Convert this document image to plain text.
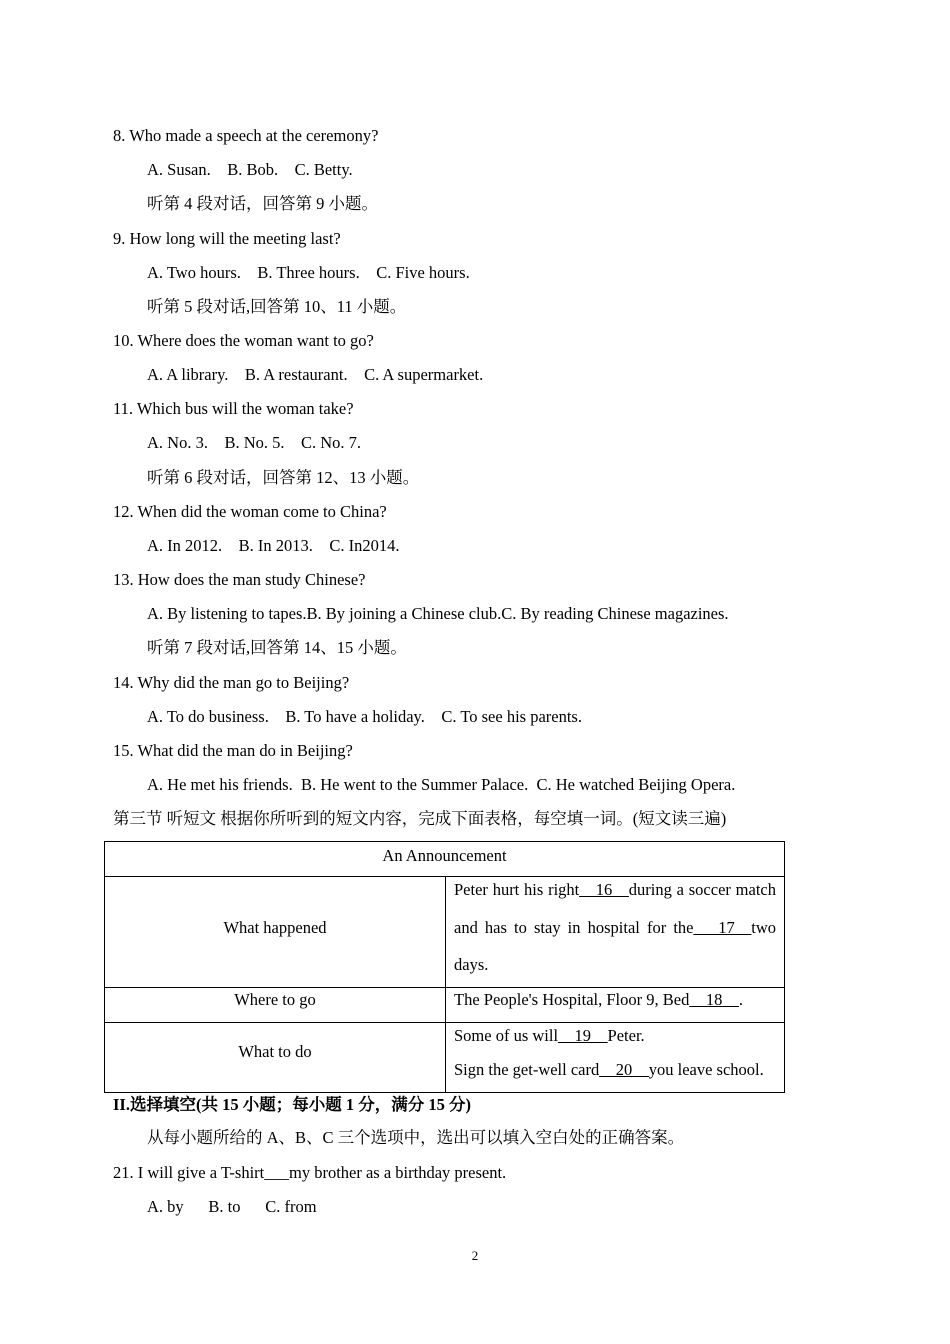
8. Who made a speech at the ceremony?
A. Susan.    B. Bob.    C. Betty.
听第 4 段对话，回答第 9 小题。
9. How long will the meeting last?
A. Two hours.    B. Three hours.    C. Five hours.
听第 5 段对话,回答第 10、11 小题。
10. Where does the woman want to go?
A. A library.    B. A restaurant.    C. A supermarket.
11. Which bus will the woman take?
A. No. 3.    B. No. 5.    C. No. 7.
听第 6 段对话，回答第 12、13 小题。
12. When did the woman come to China?
A. In 2012.    B. In 2013.    C. In2014.
13. How does the man study Chinese?
A. By listening to tapes.B. By joining a Chinese club.C. By reading Chinese magazines.
听第 7 段对话,回答第 14、15 小题。
14. Why did the man go to Beijing?
A. To do business.    B. To have a holiday.    C. To see his parents.
15. What did the man do in Beijing?
A. He met his friends.  B. He went to the Summer Palace.  C. He watched Beijing Opera.
第三节 听短文 根据你所听到的短文内容，完成下面表格，每空填一词。(短文读三遍)
An Announcement
What happened
Peter hurt his right__16__during a soccer match
and has to stay in hospital for the___17__two
days.
Where to go	The People's Hospital, Floor 9, Bed__18__.
What to do
Some of us will__19__Peter.
Sign the get-well card__20__you leave school.
II.选择填空(共 15 小题；每小题 1 分，满分 15 分)
从每小题所给的 A、B、C 三个选项中，选出可以填入空白处的正确答案。
21. I will give a T-shirt___my brother as a birthday present.
A. by      B. to      C. from
2
